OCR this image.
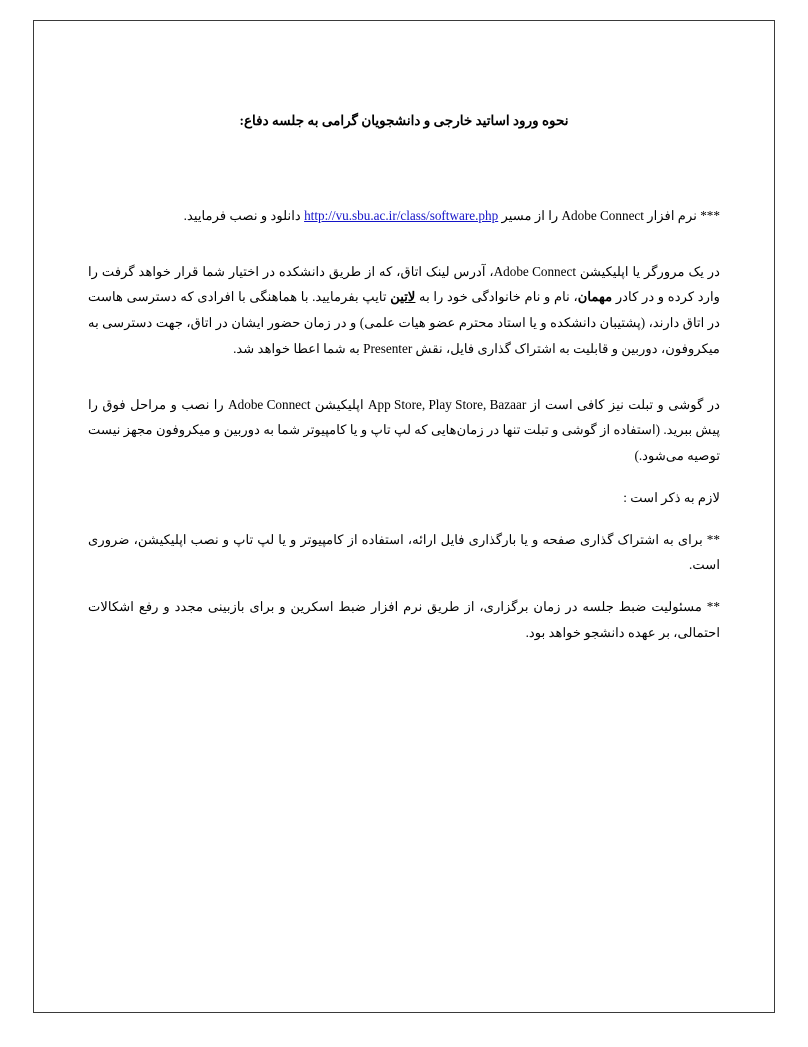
نحوه ورود اساتید خارجی و دانشجویان گرامی به جلسه دفاع:

*** نرم افزار Adobe Connect را از مسیر http://vu.sbu.ac.ir/class/software.php دانلود و نصب فرمایید.

در یک مرورگر یا اپلیکیشن Adobe Connect، آدرس لینک اتاق، که از طریق دانشکده در اختیار شما قرار خواهد گرفت را وارد کرده و در کادر مهمان، نام و نام خانوادگی خود را به لاتین تایپ بفرمایید. با هماهنگی با افرادی که دسترسی هاست در اتاق دارند، (پشتیبان دانشکده و یا استاد محترم عضو هیات علمی) و در زمان حضور ایشان در اتاق، جهت دسترسی به میکروفون، دوربین و قابلیت به اشتراک گذاری فایل، نقش Presenter به شما اعطا خواهد شد.

در گوشی و تبلت نیز کافی است از App Store, Play Store, Bazaar اپلیکیشن Adobe Connect را نصب و مراحل فوق را پیش ببرید. (استفاده از گوشی و تبلت تنها در زمان‌هایی که لپ تاپ و یا کامپیوتر شما به دوربین و میکروفون مجهز نیست توصیه می‌شود.)

لازم به ذکر است :

** برای به اشتراک گذاری صفحه و یا بارگذاری فایل ارائه، استفاده از کامپیوتر و یا لپ تاپ و نصب اپلیکیشن، ضروری است.

** مسئولیت ضبط جلسه در زمان برگزاری، از طریق نرم افزار ضبط اسکرین و برای بازبینی مجدد و رفع اشکالات احتمالی، بر عهده دانشجو خواهد بود.
